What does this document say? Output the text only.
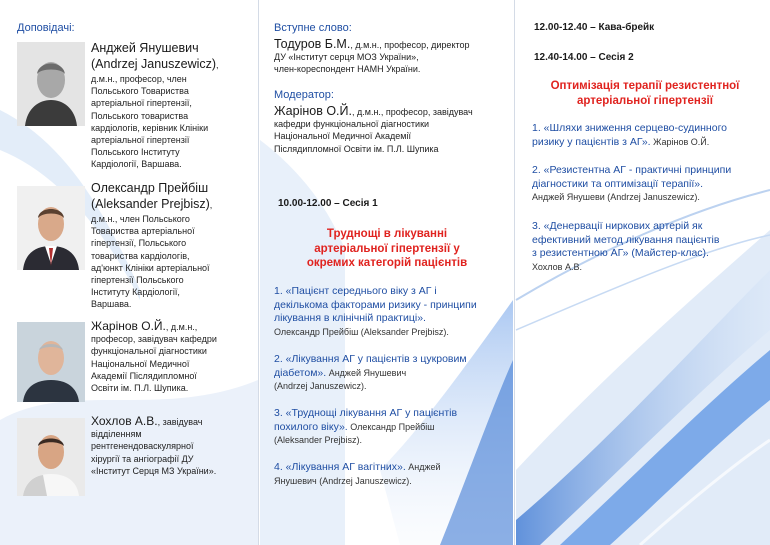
Доповідачі:
Анджей Янушевич
(Andrzej Januszewicz),
д.м.н., професор, член
Польського Товариства
артеріальної гіпертензії,
Польського товариства
кардіологів, керівник Клініки
артеріальної гіпертензії
Польського Інституту
Кардіології, Варшава.
Олександр Прейбіш
(Aleksander Prejbisz),
д.м.н., член Польського
Товариства артеріальної
гіпертензії, Польського
товариства кардіологів,
ад'юнкт Клініки артеріальної
гіпертензії Польського
Інституту Кардіології,
Варшава.
Жарінов О.Й., д.м.н.,
професор, завідувач кафедри
функціональної діагностики
Національної Медичної
Академії Післядипломної
Освіти ім. П.Л. Шупика.
Хохлов А.В., завідувач
відділенням
рентгенендоваскулярної
хірургії та ангіографії ДУ
«Інститут Серця МЗ України».
Вступне слово:
Тодуров Б.М., д.м.н., професор, директор
ДУ «Інститут серця МОЗ України»,
член-кореспондент НАМН України.
Модератор:
Жарінов О.Й., д.м.н., професор, завідувач
кафедри функціональної діагностики
Національної Медичної Академії
Післядипломної Освіти ім. П.Л. Шупика
10.00-12.00 – Сесія 1
Труднощі в лікуванні
артеріальної гіпертензії у
окремих категорій пацієнтів
1. «Пацієнт середнього віку з АГ і
декількома факторами ризику - принципи
лікування в клінічній практиці».
Олександр Прейбіш (Aleksander Prejbisz).
2. «Лікування АГ у пацієнтів з цукровим
діабетом». Анджей Янушевич
(Andrzej Januszewicz).
3. «Труднощі лікування АГ у пацієнтів
похилого віку». Олександр Прейбіш
(Aleksander Prejbisz).
4. «Лікування АГ вагітних». Анджей
Янушевич (Andrzej Januszewicz).
12.00-12.40 – Кава-брейк
12.40-14.00 – Сесія 2
Оптимізація терапії резистентної
артеріальної гіпертензії
1. «Шляхи зниження серцево-судинного
ризику у пацієнтів з АГ». Жарінов О.Й.
2. «Резистентна АГ - практичні принципи
діагностики та оптимізації терапії».
Анджей Янушеви (Andrzej Januszewicz).
3. «Денервації ниркових артерій як
ефективний метод лікування пацієнтів
з резистентною АГ» (Майстер-клас).
Хохлов А.В.
